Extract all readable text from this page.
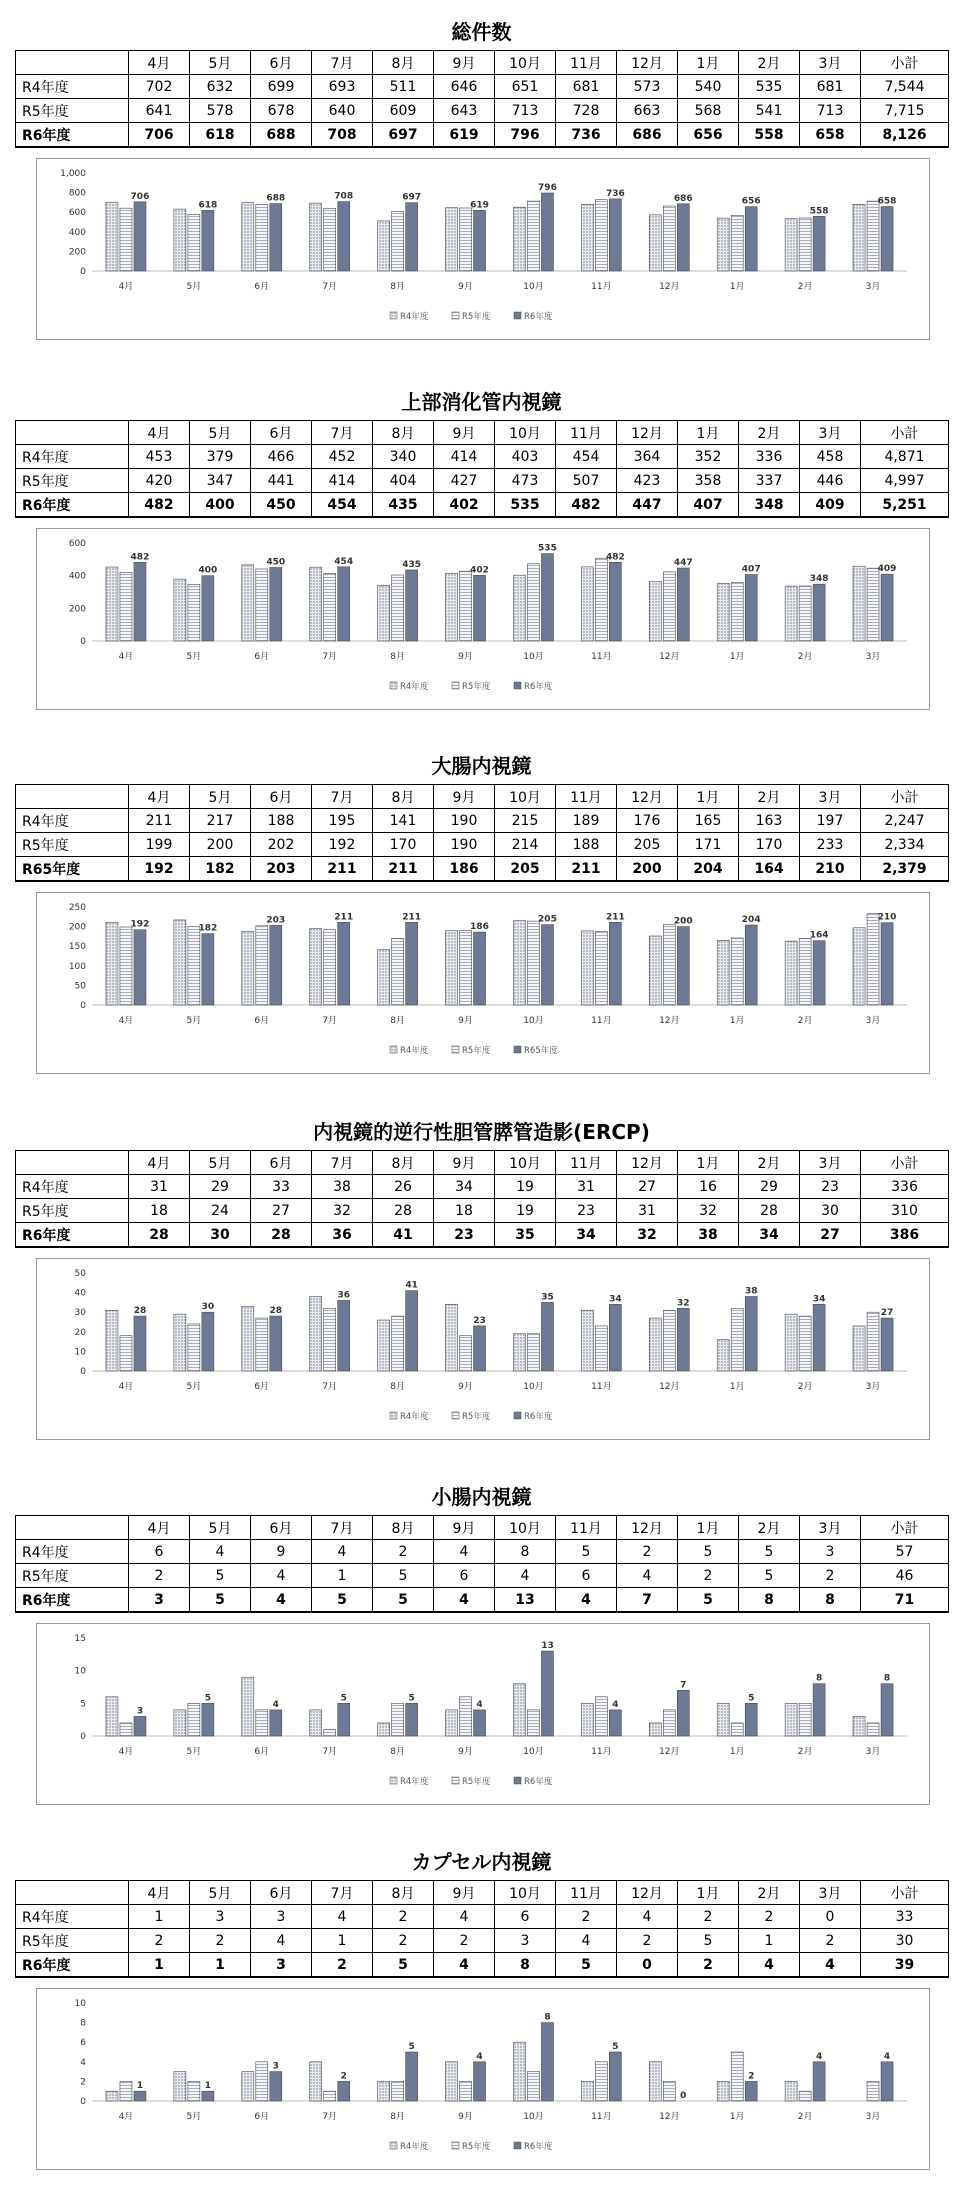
総件数
	4月	5月	6月	7月	8月	9月	10月	11月	12月	1月	2月	3月	小計
R4年度	702	632	699	693	511	646	651	681	573	540	535	681	7,544
R5年度	641	578	678	640	609	643	713	728	663	568	541	713	7,715
R6年度	706	618	688	708	697	619	796	736	686	656	558	658	8,126
0
200
400
600
800
1,000
706
4月
618
5月
688
6月
708
7月
697
8月
619
9月
796
10月
736
11月
686
12月
656
1月
558
2月
658
3月
R4年度	R5年度	R6年度
上部消化管内視鏡
	4月	5月	6月	7月	8月	9月	10月	11月	12月	1月	2月	3月	小計
R4年度	453	379	466	452	340	414	403	454	364	352	336	458	4,871
R5年度	420	347	441	414	404	427	473	507	423	358	337	446	4,997
R6年度	482	400	450	454	435	402	535	482	447	407	348	409	5,251
0
200
400
600
482
4月
400
5月
450
6月
454
7月
435
8月
402
9月
535
10月
482
11月
447
12月
407
1月
348
2月
409
3月
R4年度	R5年度	R6年度
大腸内視鏡
	4月	5月	6月	7月	8月	9月	10月	11月	12月	1月	2月	3月	小計
R4年度	211	217	188	195	141	190	215	189	176	165	163	197	2,247
R5年度	199	200	202	192	170	190	214	188	205	171	170	233	2,334
R65年度	192	182	203	211	211	186	205	211	200	204	164	210	2,379
0
50
100
150
200
250
192
4月
182
5月
203
6月
211
7月
211
8月
186
9月
205
10月
211
11月
200
12月
204
1月
164
2月
210
3月
R4年度	R5年度	R65年度
内視鏡的逆行性胆管膵管造影(ERCP)
	4月	5月	6月	7月	8月	9月	10月	11月	12月	1月	2月	3月	小計
R4年度	31	29	33	38	26	34	19	31	27	16	29	23	336
R5年度	18	24	27	32	28	18	19	23	31	32	28	30	310
R6年度	28	30	28	36	41	23	35	34	32	38	34	27	386
0
10
20
30
40
50
28
4月
30
5月
28
6月
36
7月
41
8月
23
9月
35
10月
34
11月
32
12月
38
1月
34
2月
27
3月
R4年度	R5年度	R6年度
小腸内視鏡
	4月	5月	6月	7月	8月	9月	10月	11月	12月	1月	2月	3月	小計
R4年度	6	4	9	4	2	4	8	5	2	5	5	3	57
R5年度	2	5	4	1	5	6	4	6	4	2	5	2	46
R6年度	3	5	4	5	5	4	13	4	7	5	8	8	71
0
5
10
15
3
4月
5
5月
4
6月
5
7月
5
8月
4
9月
13
10月
4
11月
7
12月
5
1月
8
2月
8
3月
R4年度	R5年度	R6年度
カプセル内視鏡
	4月	5月	6月	7月	8月	9月	10月	11月	12月	1月	2月	3月	小計
R4年度	1	3	3	4	2	4	6	2	4	2	2	0	33
R5年度	2	2	4	1	2	2	3	4	2	5	1	2	30
R6年度	1	1	3	2	5	4	8	5	0	2	4	4	39
0
2
4
6
8
10
1
4月
1
5月
3
6月
2
7月
5
8月
4
9月
8
10月
5
11月
0
12月
2
1月
4
2月
4
3月
R4年度	R5年度	R6年度
